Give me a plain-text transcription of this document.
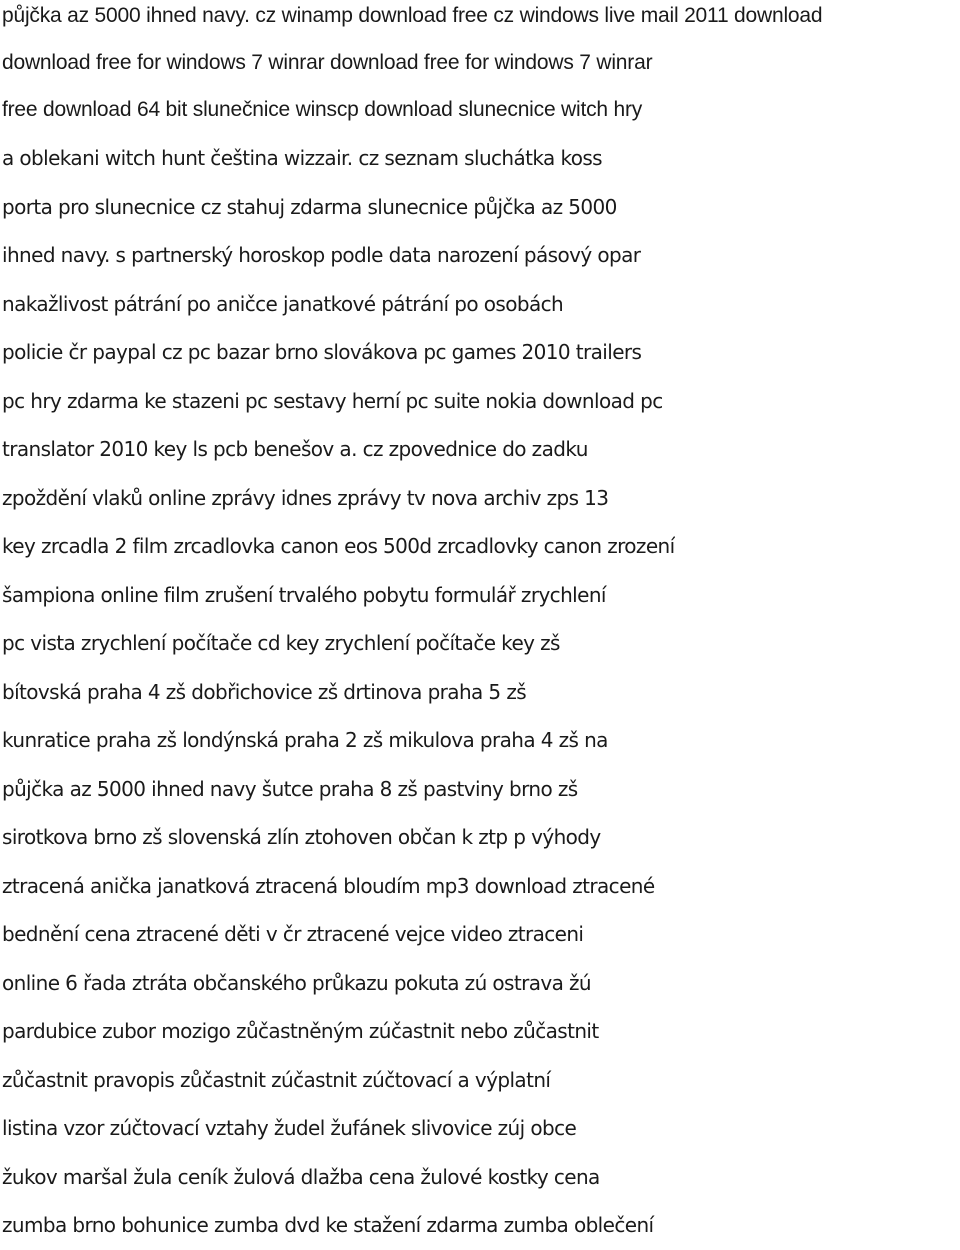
půjčka az 5000 ihned navy. cz winamp download free cz windows live mail 2011 download
download free for windows 7 winrar download free for windows 7 winrar
free download 64 bit slunečnice winscp download slunecnice witch hry
a oblekani witch hunt čeština wizzair. cz seznam sluchátka koss
porta pro slunecnice cz stahuj zdarma slunecnice půjčka az 5000
ihned navy. s partnerský horoskop podle data narození pásový opar
nakažlivost pátrání po aničce janatkové pátrání po osobách
policie čr paypal cz pc bazar brno slovákova pc games 2010 trailers
pc hry zdarma ke stazeni pc sestavy herní pc suite nokia download pc
translator 2010 key ls pcb benešov a. cz zpovednice do zadku
zpoždění vlaků online zprávy idnes zprávy tv nova archiv zps 13
key zrcadla 2 film zrcadlovka canon eos 500d zrcadlovky canon zrození
šampiona online film zrušení trvalého pobytu formulář zrychlení
pc vista zrychlení počítače cd key zrychlení počítače key zš
bítovská praha 4 zš dobřichovice zš drtinova praha 5 zš
kunratice praha zš londýnská praha 2 zš mikulova praha 4 zš na
půjčka az 5000 ihned navy šutce praha 8 zš pastviny brno zš
sirotkova brno zš slovenská zlín ztohoven občan k ztp p výhody
ztracená anička janatková ztracená bloudím mp3 download ztracené
bednění cena ztracené děti v čr ztracené vejce video ztraceni
online 6 řada ztráta občanského průkazu pokuta zú ostrava žú
pardubice zubor mozigo zůčastněným zúčastnit nebo zůčastnit
zůčastnit pravopis zůčastnit zúčastnit zúčtovací a výplatní
listina vzor zúčtovací vztahy žudel žufánek slivovice zúj obce
žukov maršal žula ceník žulová dlažba cena žulové kostky cena
zumba brno bohunice zumba dvd ke stažení zdarma zumba oblečení
